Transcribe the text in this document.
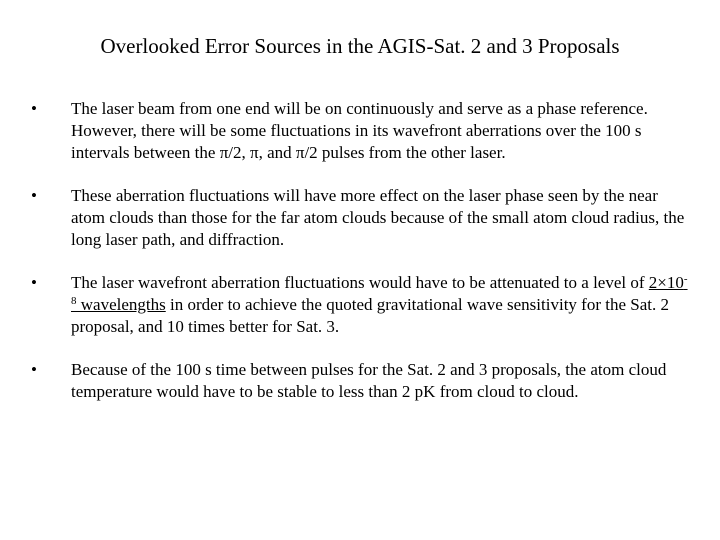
Overlooked Error Sources in the AGIS-Sat. 2 and 3 Proposals
•	The laser beam from one end will be on continuously and serve as a phase reference. However, there will be some fluctuations in its wavefront aberrations over the 100 s intervals between the π/2, π, and π/2 pulses from the other laser.
•	These aberration fluctuations will have more effect on the laser phase seen by the near atom clouds than those for the far atom clouds because of the small atom cloud radius, the long laser path, and diffraction.
•	The laser wavefront aberration fluctuations would have to be attenuated to a level of $2\times 10^{-8}$ wavelengths in order to achieve the quoted gravitational wave sensitivity for the Sat. 2 proposal, and 10 times better for Sat. 3.
•	Because of the 100 s time between pulses for the Sat. 2 and 3 proposals, the atom cloud temperature would have to be stable to less than 2 pK from cloud to cloud.
